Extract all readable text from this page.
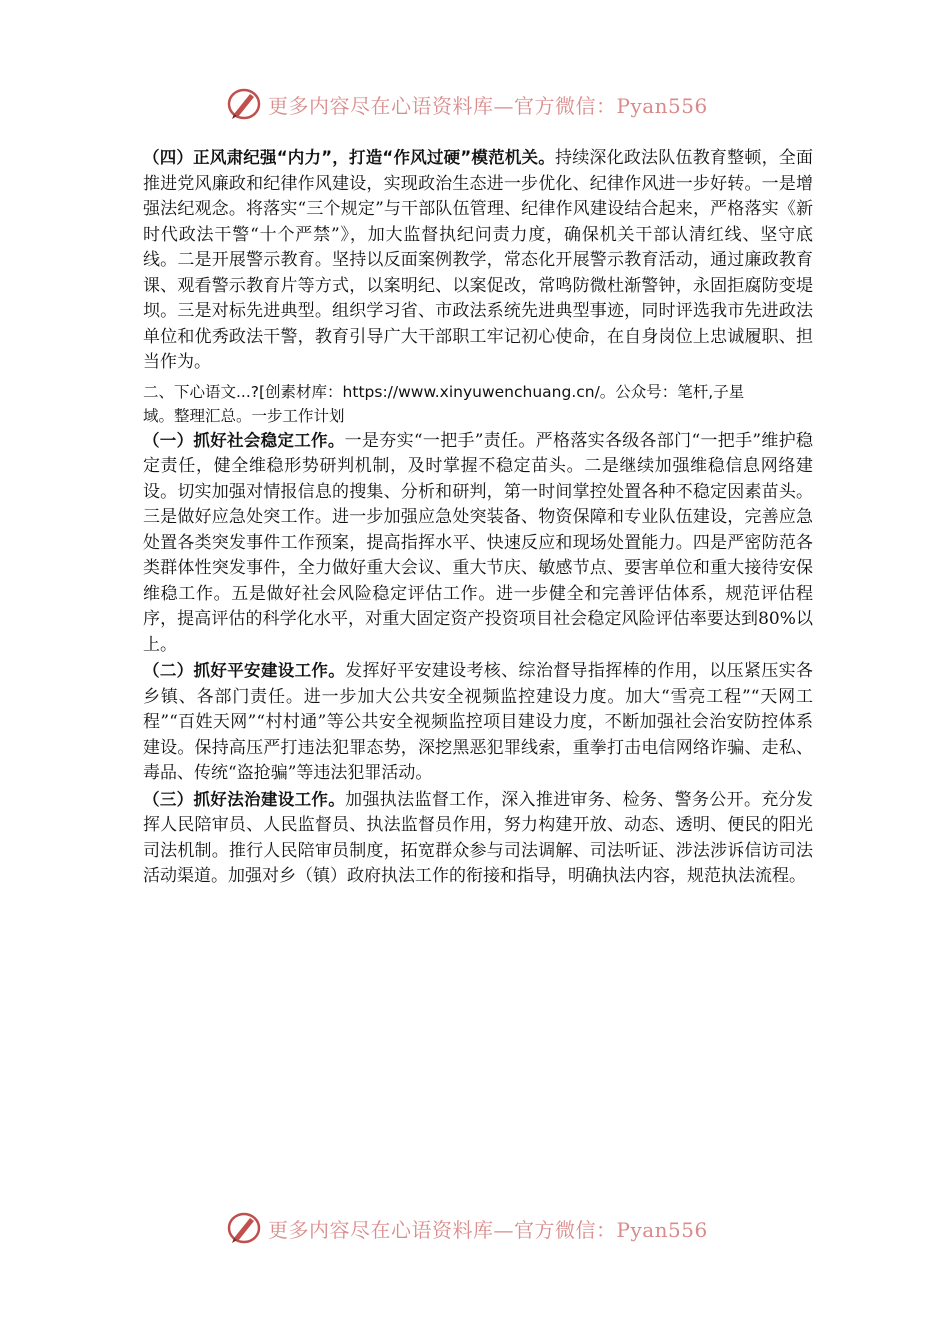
更多内容尽在心语资料库—官方微信：Pyan556

（四）正风肃纪强“内力”，打造“作风过硬”模范机关。持续深化政法队伍教育整顿，全面推进党风廉政和纪律作风建设，实现政治生态进一步优化、纪律作风进一步好转。一是增强法纪观念。将落实“三个规定”与干部队伍管理、纪律作风建设结合起来，严格落实《新时代政法干警“十个严禁”》，加大监督执纪问责力度，确保机关干部认清红线、坚守底线。二是开展警示教育。坚持以反面案例教学，常态化开展警示教育活动，通过廉政教育课、观看警示教育片等方式，以案明纪、以案促改，常鸣防微杜渐警钟，永固拒腐防变堤坝。三是对标先进典型。组织学习省、市政法系统先进典型事迹，同时评选我市先进政法单位和优秀政法干警，教育引导广大干部职工牢记初心使命，在自身岗位上忠诚履职、担当作为。

二、下心语文...?[创素材库：https://www.xinyuwenchuang.cn/。公众号：笔杆,子星

域。整理汇总。一步工作计划

（一）抓好社会稳定工作。一是夯实“一把手”责任。严格落实各级各部门“一把手”维护稳定责任，健全维稳形势研判机制，及时掌握不稳定苗头。二是继续加强维稳信息网络建设。切实加强对情报信息的搜集、分析和研判，第一时间掌控处置各种不稳定因素苗头。三是做好应急处突工作。进一步加强应急处突装备、物资保障和专业队伍建设，完善应急处置各类突发事件工作预案，提高指挥水平、快速反应和现场处置能力。四是严密防范各类群体性突发事件，全力做好重大会议、重大节庆、敏感节点、要害单位和重大接待安保维稳工作。五是做好社会风险稳定评估工作。进一步健全和完善评估体系，规范评估程序，提高评估的科学化水平，对重大固定资产投资项目社会稳定风险评估率要达到80%以上。

（二）抓好平安建设工作。发挥好平安建设考核、综治督导指挥棒的作用，以压紧压实各乡镇、各部门责任。进一步加大公共安全视频监控建设力度。加大“雪亮工程”“天网工程”“百姓天网”“村村通”等公共安全视频监控项目建设力度，不断加强社会治安防控体系建设。保持高压严打违法犯罪态势，深挖黑恶犯罪线索，重拳打击电信网络诈骗、走私、毒品、传统“盗抢骗”等违法犯罪活动。

（三）抓好法治建设工作。加强执法监督工作，深入推进审务、检务、警务公开。充分发挥人民陪审员、人民监督员、执法监督员作用，努力构建开放、动态、透明、便民的阳光司法机制。推行人民陪审员制度，拓宽群众参与司法调解、司法听证、涉法涉诉信访司法活动渠道。加强对乡（镇）政府执法工作的衔接和指导，明确执法内容，规范执法流程。

更多内容尽在心语资料库—官方微信：Pyan556
